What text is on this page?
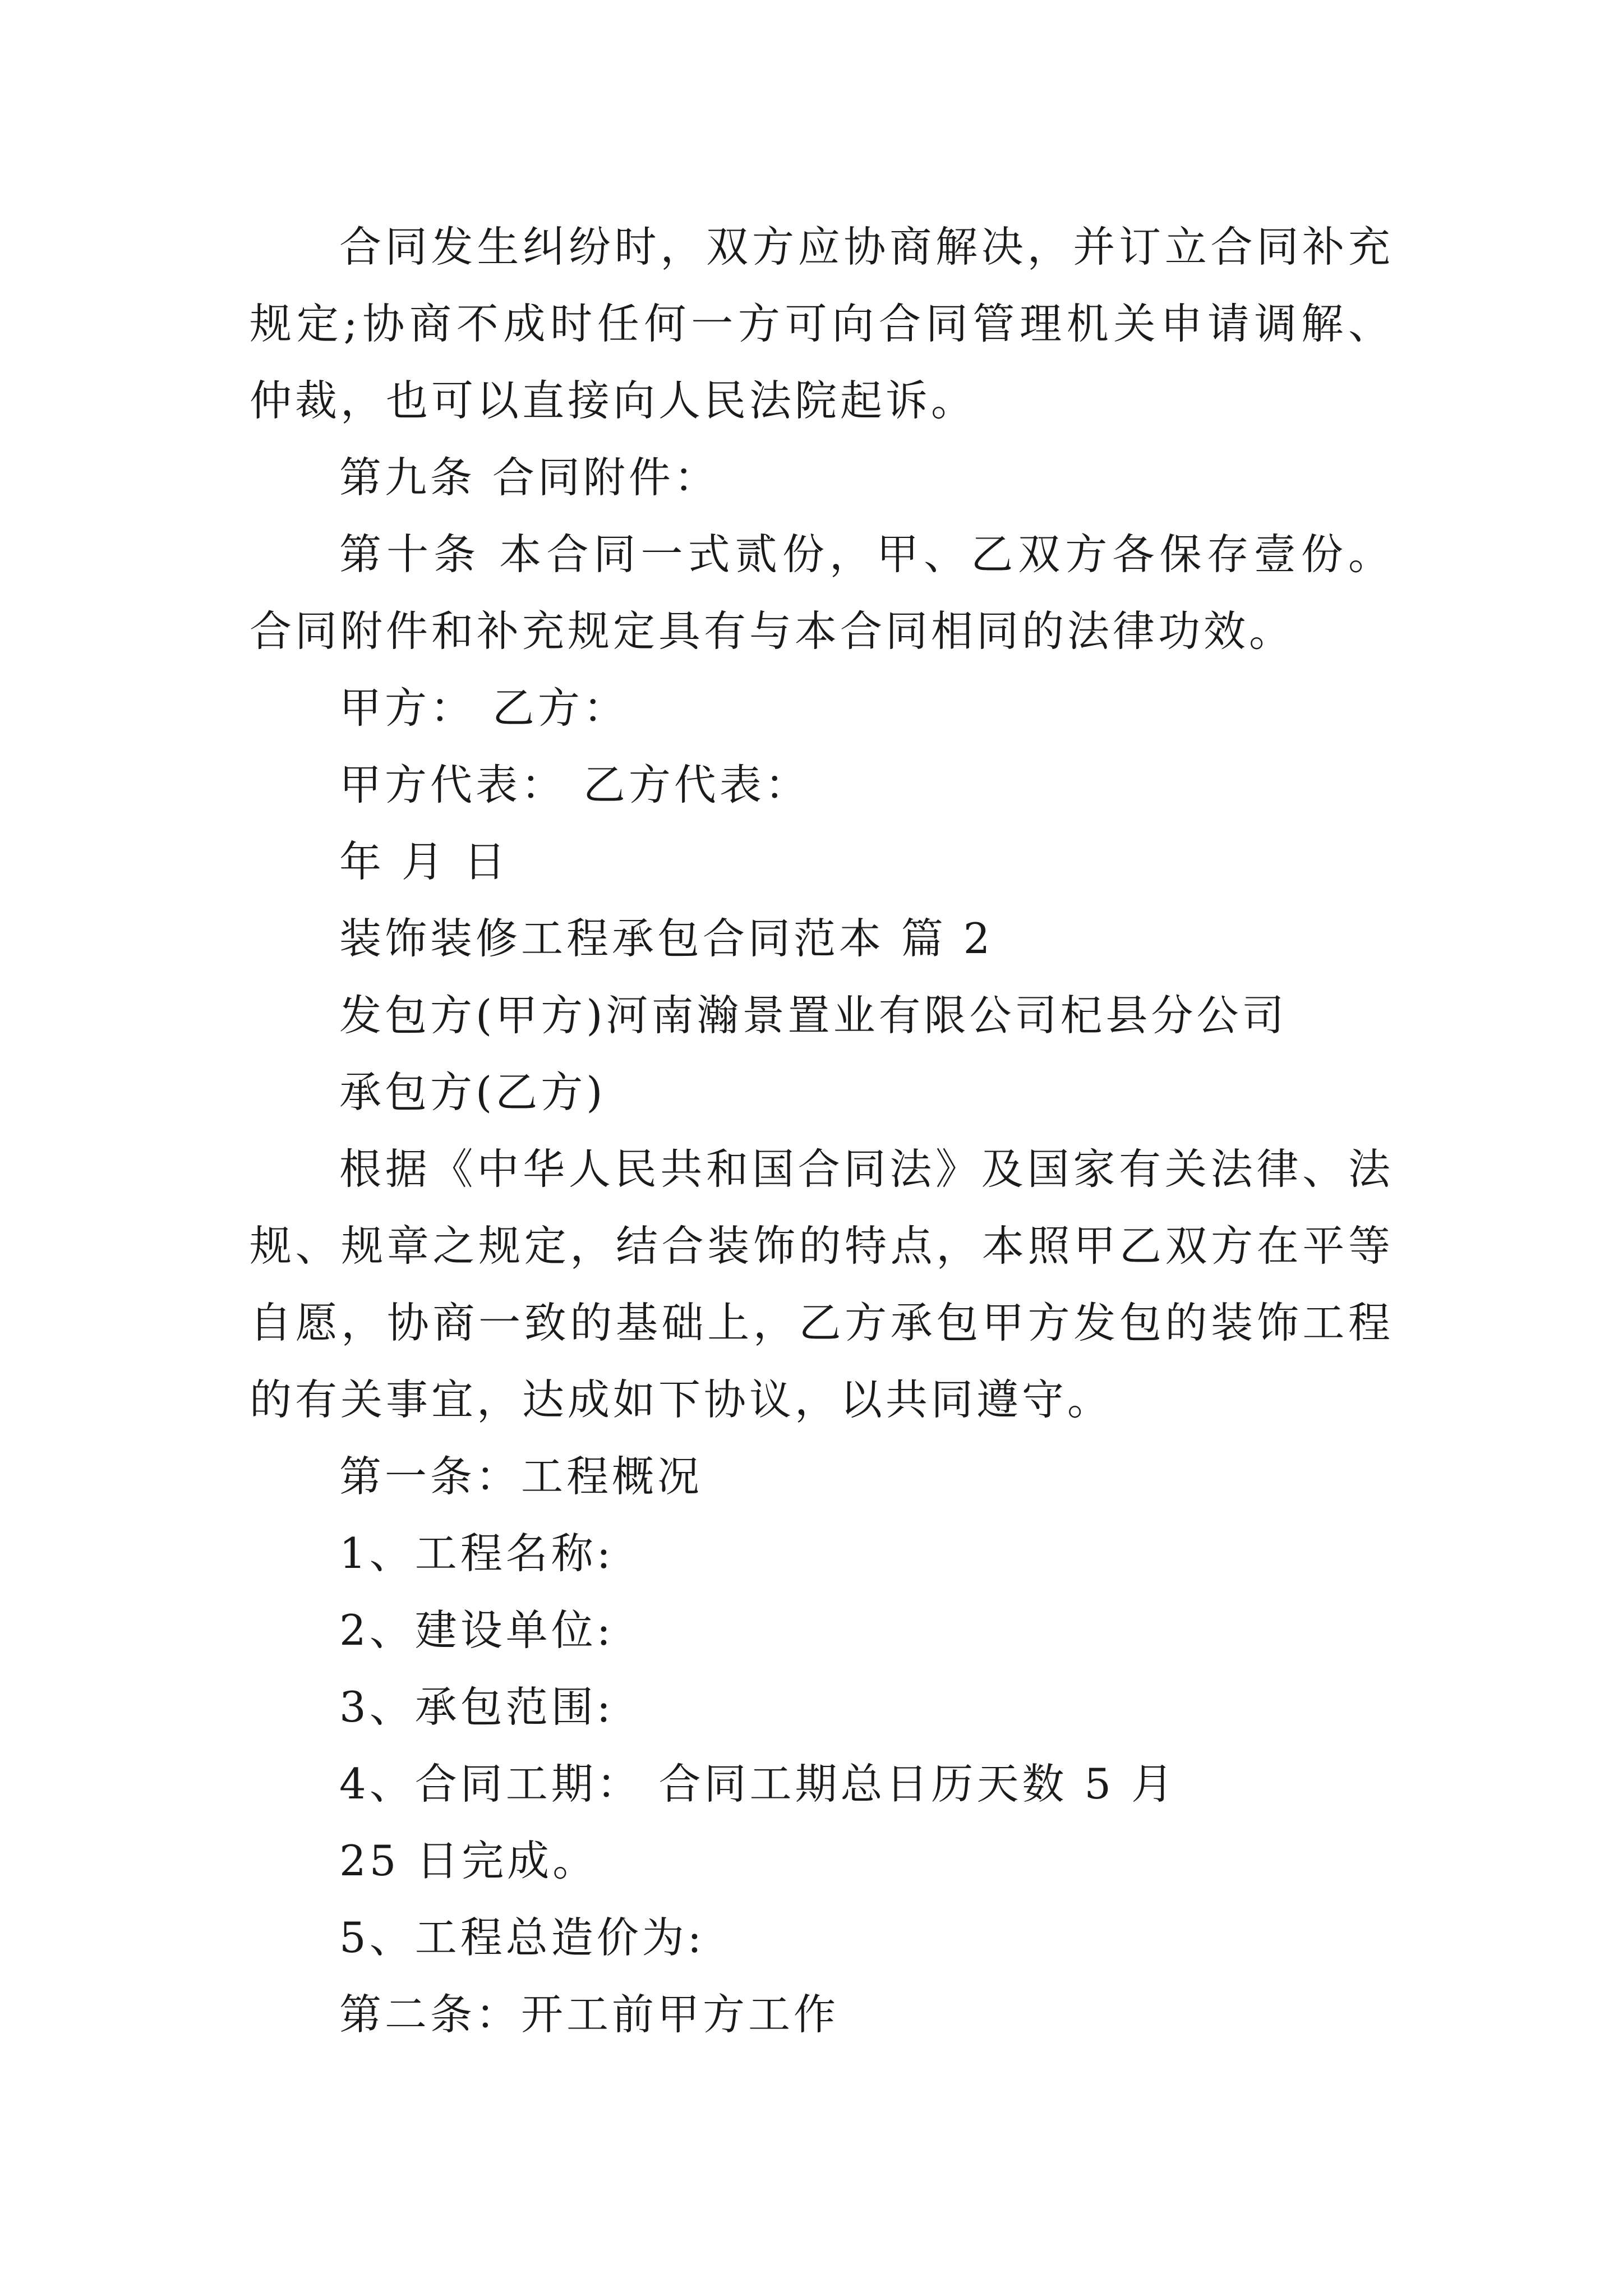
合同发生纠纷时，双方应协商解决，并订立合同补充规定;协商不成时任何一方可向合同管理机关申请调解、仲裁，也可以直接向人民法院起诉。

第九条 合同附件：

第十条 本合同一式贰份，甲、乙双方各保存壹份。合同附件和补充规定具有与本合同相同的法律功效。

甲方： 乙方：

甲方代表： 乙方代表：

年 月 日

装饰装修工程承包合同范本 篇 2

发包方(甲方)河南瀚景置业有限公司杞县分公司

承包方(乙方)

根据《中华人民共和国合同法》及国家有关法律、法规、规章之规定，结合装饰的特点，本照甲乙双方在平等自愿，协商一致的基础上，乙方承包甲方发包的装饰工程的有关事宜，达成如下协议，以共同遵守。

第一条：工程概况

1、工程名称:

2、建设单位:

3、承包范围:

4、合同工期： 合同工期总日历天数 5 月

25 日完成。

5、工程总造价为:

第二条：开工前甲方工作
